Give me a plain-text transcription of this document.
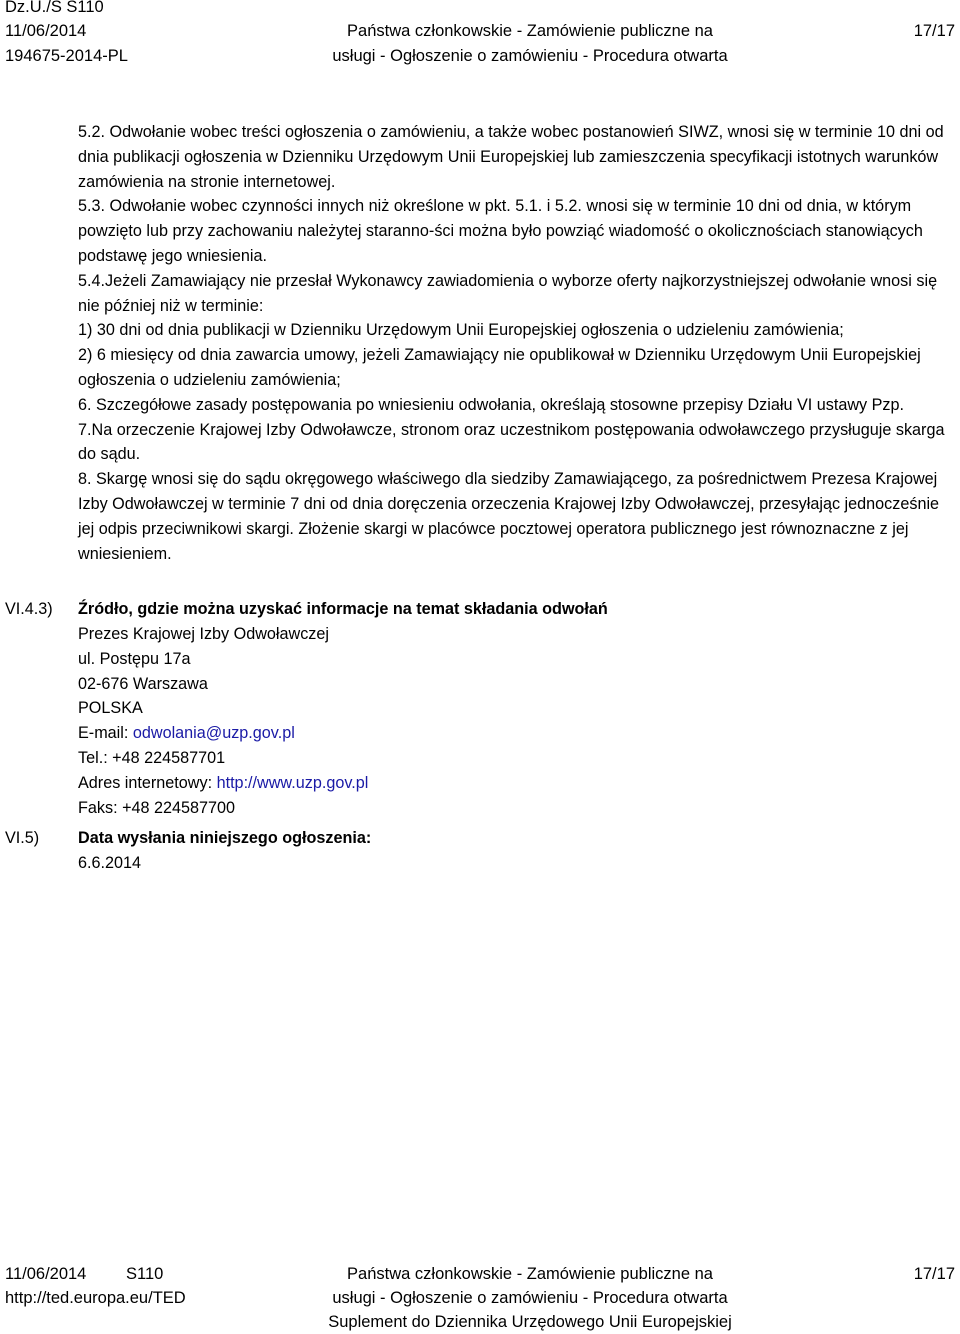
Dz.U./S S110
11/06/2014
194675-2014-PL
Państwa członkowskie - Zamówienie publiczne na
usługi - Ogłoszenie o zamówieniu - Procedura otwarta
17/17

5.2. Odwołanie wobec treści ogłoszenia o zamówieniu, a także wobec postanowień SIWZ, wnosi się w terminie 10 dni od dnia publikacji ogłoszenia w Dzienniku Urzędowym Unii Europejskiej lub zamieszczenia specyfikacji istotnych warunków zamówienia na stronie internetowej.

5.3. Odwołanie wobec czynności innych niż określone w pkt. 5.1. i 5.2. wnosi się w terminie 10 dni od dnia, w którym powzięto lub przy zachowaniu należytej staranno-ści można było powziąć wiadomość o okolicznościach stanowiących podstawę jego wniesienia.

5.4.Jeżeli Zamawiający nie przesłał Wykonawcy zawiadomienia o wyborze oferty najkorzystniejszej odwołanie wnosi się nie później niż w terminie:

1) 30 dni od dnia publikacji w Dzienniku Urzędowym Unii Europejskiej ogłoszenia o udzieleniu zamówienia;

2) 6 miesięcy od dnia zawarcia umowy, jeżeli Zamawiający nie opublikował w Dzienniku Urzędowym Unii Europejskiej ogłoszenia o udzieleniu zamówienia;

6. Szczegółowe zasady postępowania po wniesieniu odwołania, określają stosowne przepisy Działu VI ustawy Pzp.

7.Na orzeczenie Krajowej Izby Odwoławcze, stronom oraz uczestnikom postępowania odwoławczego przysługuje skarga do sądu.

8. Skargę wnosi się do sądu okręgowego właściwego dla siedziby Zamawiającego, za pośrednictwem Prezesa Krajowej Izby Odwoławczej w terminie 7 dni od dnia doręczenia orzeczenia Krajowej Izby Odwoławczej, przesyłając jednocześnie jej odpis przeciwnikowi skargi. Złożenie skargi w placówce pocztowej operatora publicznego jest równoznaczne z jej wniesieniem.

VI.4.3) Źródło, gdzie można uzyskać informacje na temat składania odwołań
Prezes Krajowej Izby Odwoławczej
ul. Postępu 17a
02-676 Warszawa
POLSKA
E-mail: odwolania@uzp.gov.pl
Tel.: +48 224587701
Adres internetowy: http://www.uzp.gov.pl
Faks: +48 224587700
VI.5) Data wysłania niniejszego ogłoszenia:
6.6.2014
11/06/2014 S110
http://ted.europa.eu/TED
Państwa członkowskie - Zamówienie publiczne na
usługi - Ogłoszenie o zamówieniu - Procedura otwarta
Suplement do Dziennika Urzędowego Unii Europejskiej
17/17
